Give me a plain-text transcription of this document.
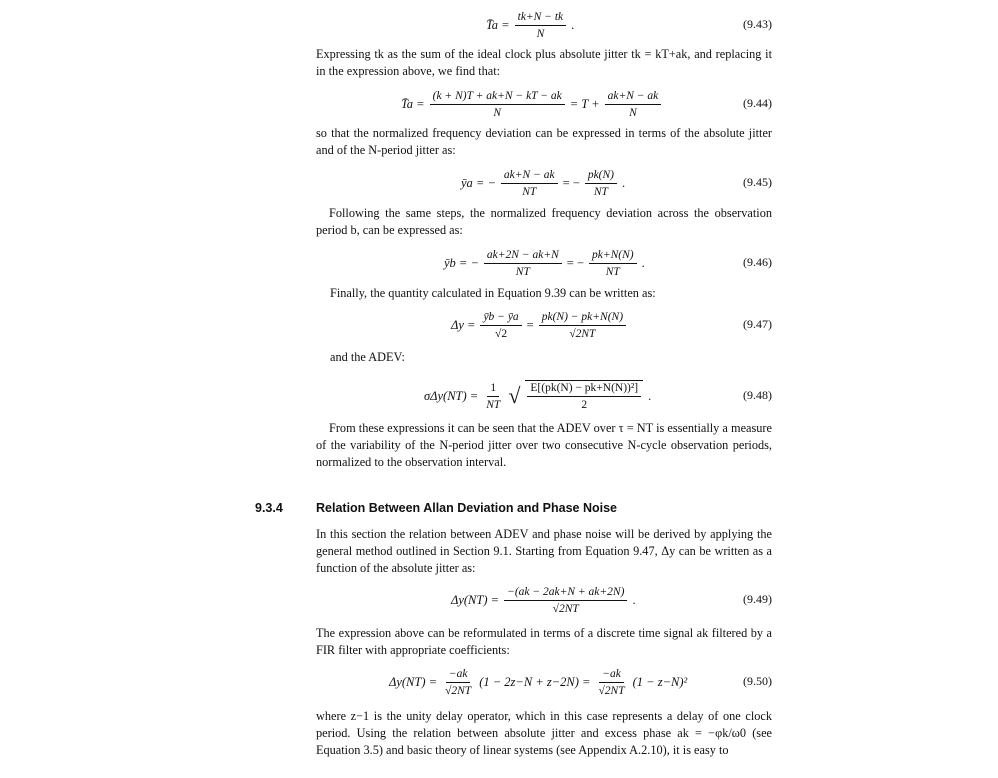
T̄a = $\frac{tk+N - tk}{N}$ .	(9.43)

Expressing tk as the sum of the ideal clock plus absolute jitter tk = kT+ak, and replacing it in the expression above, we find that:

T̄a = $\frac{(k + N)T + ak+N - kT - ak}{N} = T + \frac{ak+N - ak}{N}$	(9.44)

so that the normalized frequency deviation can be expressed in terms of the absolute jitter and of the N-period jitter as:

ȳa = − $\frac{ak+N - ak}{NT}$ = − $\frac{pk(N)}{NT}$ .	(9.45)

Following the same steps, the normalized frequency deviation across the observation period b, can be expressed as:

ȳb = − $\frac{ak+2N - ak+N}{NT}$ = − $\frac{pk+N(N)}{NT}$ .	(9.46)

Finally, the quantity calculated in Equation 9.39 can be written as:

$\Delta y = \frac{ȳb - ȳa}{√2} = \frac{pk(N) - pk+N(N)}{√2NT}$	(9.47)

and the ADEV:

$\sigma\Delta y(NT) = \frac{1}{NT}$ √ $\frac{\text{E[(pk(N) − pk+N(N))²]}}{2}$ .	(9.48)

From these expressions it can be seen that the ADEV over τ = NT is essentially a measure of the variability of the N-period jitter over two consecutive N-cycle observation periods, normalized to the observation interval.

9.3.4	Relation Between Allan Deviation and Phase Noise

In this section the relation between ADEV and phase noise will be derived by applying the general method outlined in Section 9.1. Starting from Equation 9.47, Δy can be written as a function of the absolute jitter as:

$\Delta y(NT) = \frac{-(ak - 2ak+N + ak+2N)}{√2NT}$ .	(9.49)

The expression above can be reformulated in terms of a discrete time signal ak filtered by a FIR filter with appropriate coefficients:

$\Delta y(NT) = \frac{-ak}{√2NT} (1 - 2z-N + z-2N) = \frac{-ak}{√2NT} (1 - z-N)^2$	(9.50)

where z−1 is the unity delay operator, which in this case represents a delay of one clock period. Using the relation between absolute jitter and excess phase ak = −φk/ω0 (see Equation 3.5) and basic theory of linear systems (see Appendix A.2.10), it is easy to
